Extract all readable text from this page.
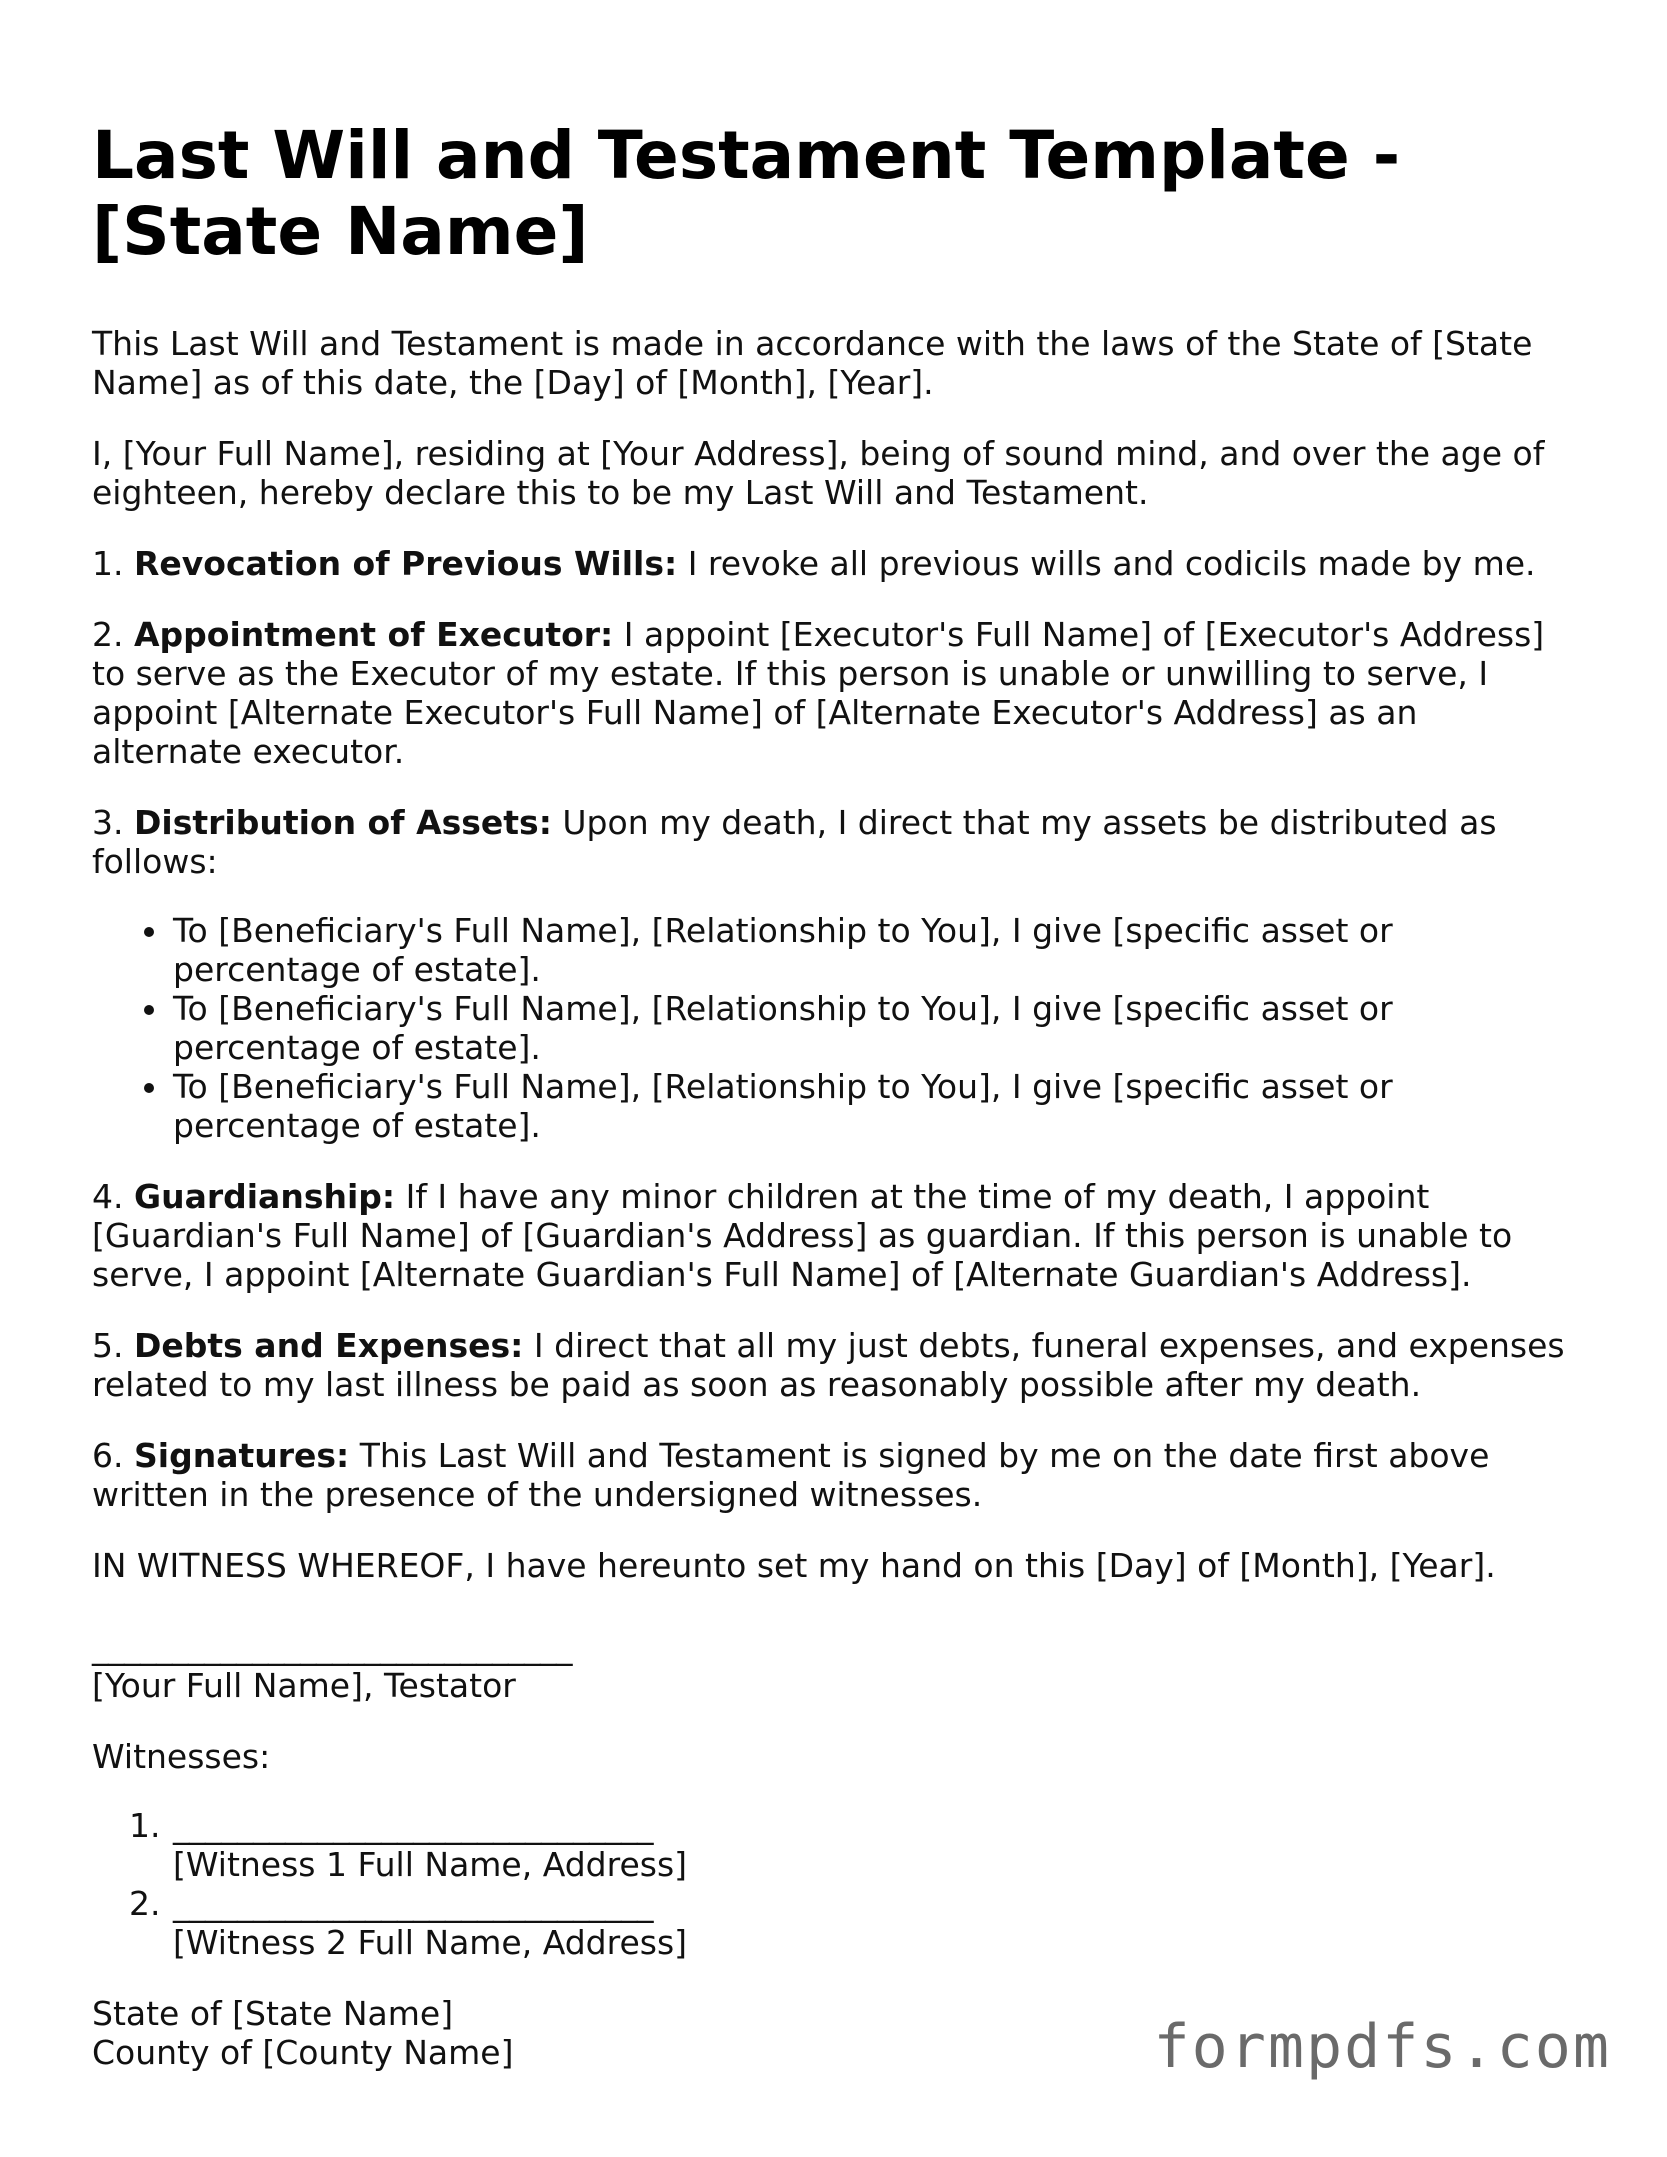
Last Will and Testament Template - [State Name]

This Last Will and Testament is made in accordance with the laws of the State of [State Name] as of this date, the [Day] of [Month], [Year].

I, [Your Full Name], residing at [Your Address], being of sound mind, and over the age of eighteen, hereby declare this to be my Last Will and Testament.

1. Revocation of Previous Wills: I revoke all previous wills and codicils made by me.

2. Appointment of Executor: I appoint [Executor's Full Name] of [Executor's Address] to serve as the Executor of my estate. If this person is unable or unwilling to serve, I appoint [Alternate Executor's Full Name] of [Alternate Executor's Address] as an alternate executor.

3. Distribution of Assets: Upon my death, I direct that my assets be distributed as follows:

• To [Beneficiary's Full Name], [Relationship to You], I give [specific asset or percentage of estate].
• To [Beneficiary's Full Name], [Relationship to You], I give [specific asset or percentage of estate].
• To [Beneficiary's Full Name], [Relationship to You], I give [specific asset or percentage of estate].

4. Guardianship: If I have any minor children at the time of my death, I appoint [Guardian's Full Name] of [Guardian's Address] as guardian. If this person is unable to serve, I appoint [Alternate Guardian's Full Name] of [Alternate Guardian's Address].

5. Debts and Expenses: I direct that all my just debts, funeral expenses, and expenses related to my last illness be paid as soon as reasonably possible after my death.

6. Signatures: This Last Will and Testament is signed by me on the date first above written in the presence of the undersigned witnesses.

IN WITNESS WHEREOF, I have hereunto set my hand on this [Day] of [Month], [Year].

______________________________
[Your Full Name], Testator

Witnesses:

1. ______________________________
[Witness 1 Full Name, Address]
2. ______________________________
[Witness 2 Full Name, Address]

State of [State Name]

County of [County Name]	formpdfs.com
